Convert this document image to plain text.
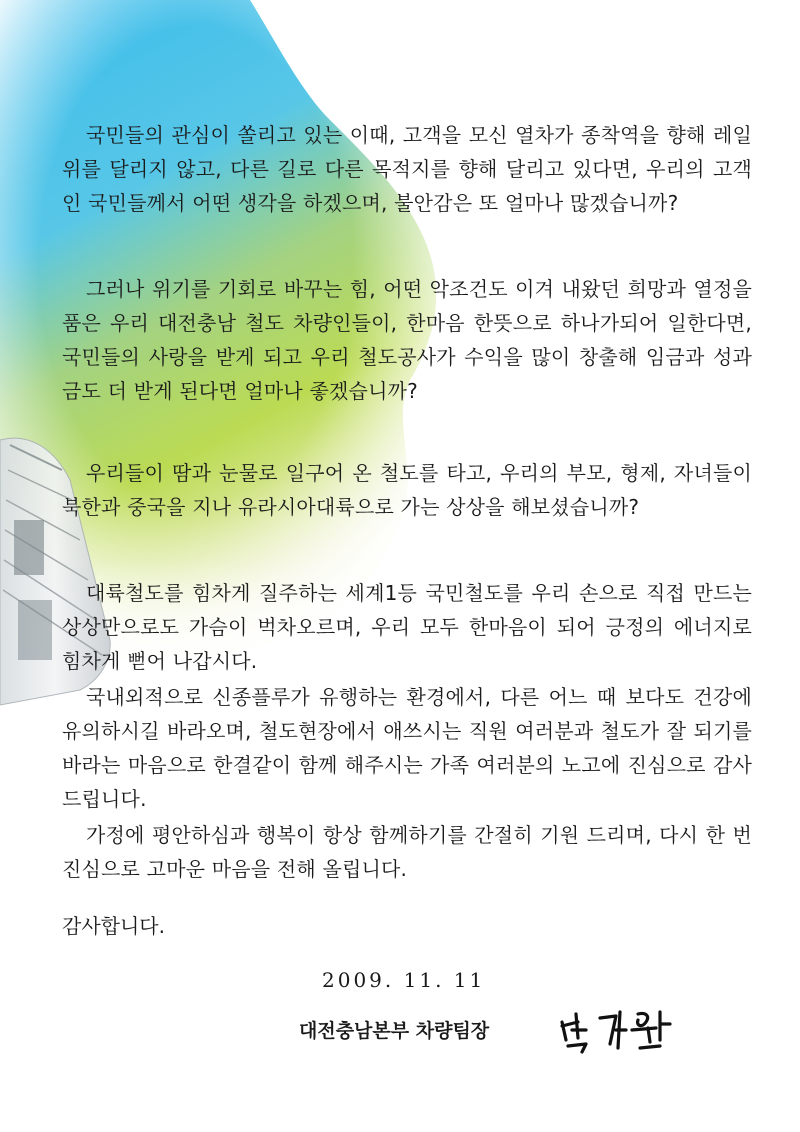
국민들의 관심이 쏠리고 있는 이때, 고객을 모신 열차가 종착역을 향해 레일 위를 달리지 않고, 다른 길로 다른 목적지를 향해 달리고 있다면, 우리의 고객인 국민들께서 어떤 생각을 하겠으며, 불안감은 또 얼마나 많겠습니까?
그러나 위기를 기회로 바꾸는 힘, 어떤 악조건도 이겨 내왔던 희망과 열정을 품은 우리 대전충남 철도 차량인들이, 한마음 한뜻으로 하나가되어 일한다면, 국민들의 사랑을 받게 되고 우리 철도공사가 수익을 많이 창출해 임금과 성과금도 더 받게 된다면 얼마나 좋겠습니까?
우리들이 땀과 눈물로 일구어 온 철도를 타고, 우리의 부모, 형제, 자녀들이 북한과 중국을 지나 유라시아대륙으로 가는 상상을 해보셨습니까?
대륙철도를 힘차게 질주하는 세계1등 국민철도를 우리 손으로 직접 만드는 상상만으로도 가슴이 벅차오르며, 우리 모두 한마음이 되어 긍정의 에너지로 힘차게 뻗어 나갑시다.
국내외적으로 신종플루가 유행하는 환경에서, 다른 어느 때 보다도 건강에 유의하시길 바라오며, 철도현장에서 애쓰시는 직원 여러분과 철도가 잘 되기를 바라는 마음으로 한결같이 함께 해주시는 가족 여러분의 노고에 진심으로 감사드립니다.
가정에 평안하심과 행복이 항상 함께하기를 간절히 기원 드리며, 다시 한 번 진심으로 고마운 마음을 전해 올립니다.
감사합니다.
2009. 11. 11
대전충남본부 차량팀장
